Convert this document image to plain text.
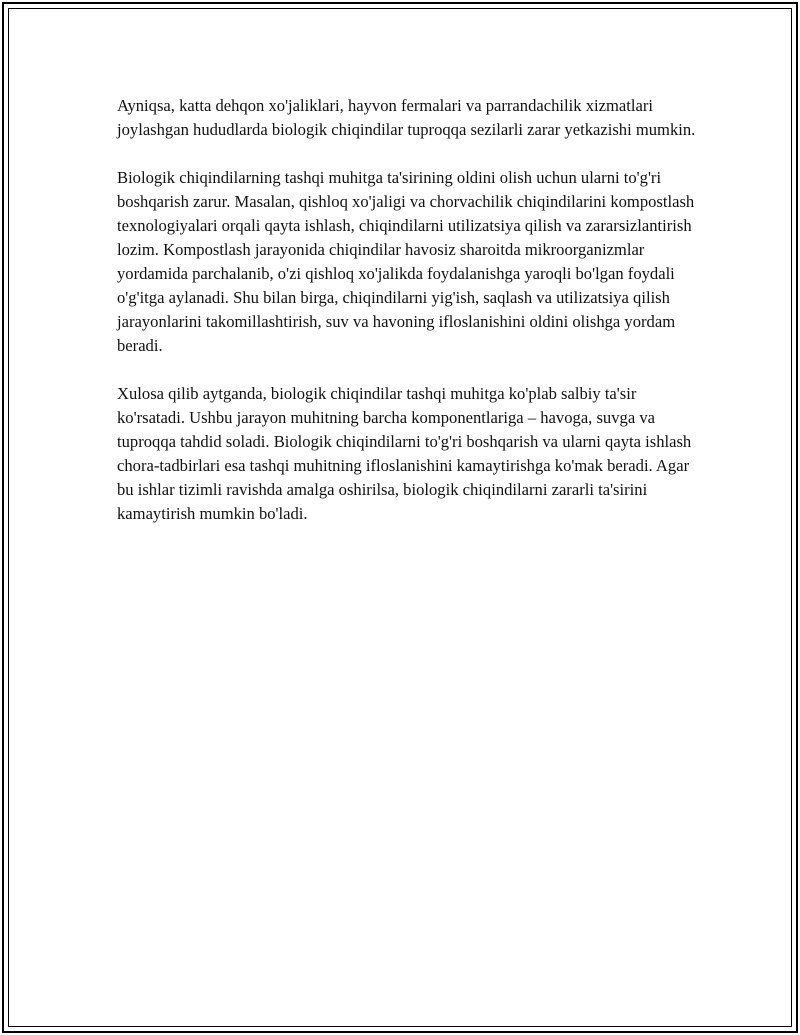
Ayniqsa, katta dehqon xo'jaliklari, hayvon fermalari va parrandachilik xizmatlari joylashgan hududlarda biologik chiqindilar tuproqqa sezilarli zarar yetkazishi mumkin.

Biologik chiqindilarning tashqi muhitga ta'sirining oldini olish uchun ularni to'g'ri boshqarish zarur. Masalan, qishloq xo'jaligi va chorvachilik chiqindilarini kompostlash texnologiyalari orqali qayta ishlash, chiqindilarni utilizatsiya qilish va zararsizlantirish lozim. Kompostlash jarayonida chiqindilar havosiz sharoitda mikroorganizmlar yordamida parchalanib, o'zi qishloq xo'jalikda foydalanishga yaroqli bo'lgan foydali o'g'itga aylanadi. Shu bilan birga, chiqindilarni yig'ish, saqlash va utilizatsiya qilish jarayonlarini takomillashtirish, suv va havoning ifloslanishini oldini olishga yordam beradi.

Xulosa qilib aytganda, biologik chiqindilar tashqi muhitga ko'plab salbiy ta'sir ko'rsatadi. Ushbu jarayon muhitning barcha komponentlariga – havoga, suvga va tuproqqa tahdid soladi. Biologik chiqindilarni to'g'ri boshqarish va ularni qayta ishlash chora-tadbirlari esa tashqi muhitning ifloslanishini kamaytirishga ko'mak beradi. Agar bu ishlar tizimli ravishda amalga oshirilsa, biologik chiqindilarni zararli ta'sirini kamaytirish mumkin bo'ladi.
